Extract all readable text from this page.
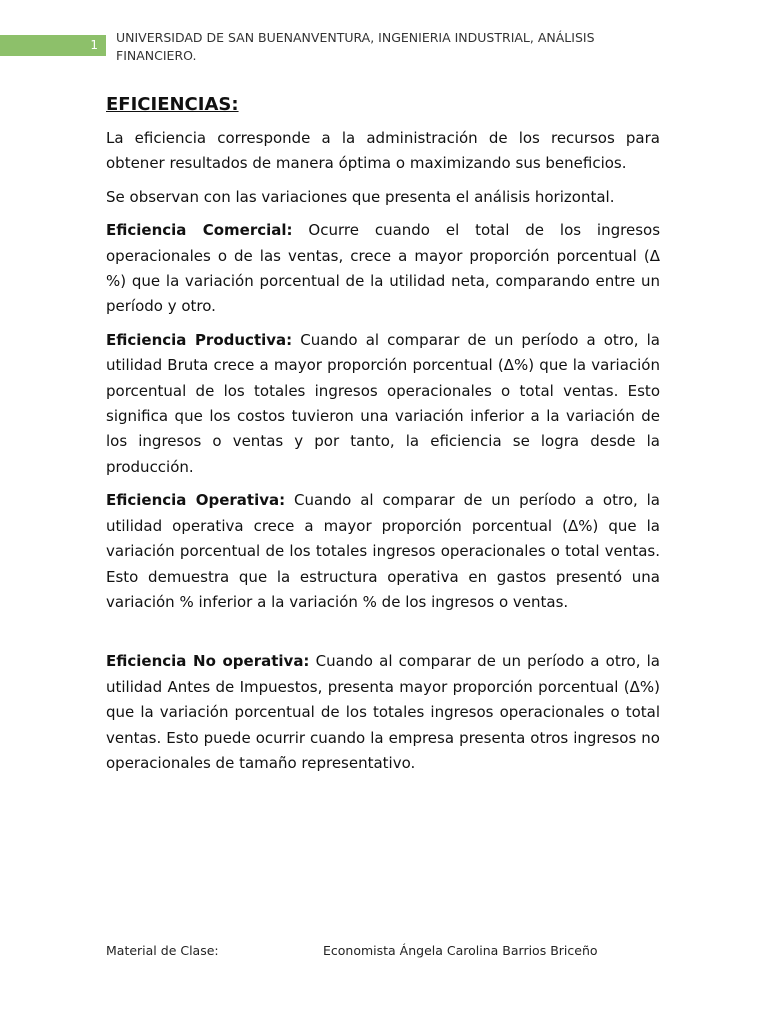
1	UNIVERSIDAD DE SAN BUENANVENTURA, INGENIERIA INDUSTRIAL, ANÁLISIS FINANCIERO.
EFICIENCIAS:

La eficiencia corresponde a la administración de los recursos para obtener resultados de manera óptima o maximizando sus beneficios.

Se observan con las variaciones que presenta el análisis horizontal.

Eficiencia Comercial: Ocurre cuando el total de los ingresos operacionales o de las ventas, crece a mayor proporción porcentual (Δ %) que la variación porcentual de la utilidad neta, comparando entre un período y otro.

Eficiencia Productiva: Cuando al comparar de un período a otro, la utilidad Bruta crece a mayor proporción porcentual (Δ%) que la variación porcentual de los totales ingresos operacionales o total ventas. Esto significa que los costos tuvieron una variación inferior a la variación de los ingresos o ventas y por tanto, la eficiencia se logra desde la producción.

Eficiencia Operativa: Cuando al comparar de un período a otro, la utilidad operativa crece a mayor proporción porcentual (Δ%) que la variación porcentual de los totales ingresos operacionales o total ventas. Esto demuestra que la estructura operativa en gastos presentó una variación % inferior a la variación % de los ingresos o ventas.

Eficiencia No operativa: Cuando al comparar de un período a otro, la utilidad Antes de Impuestos, presenta mayor proporción porcentual (Δ%) que la variación porcentual de los totales ingresos operacionales o total ventas. Esto puede ocurrir cuando la empresa presenta otros ingresos no operacionales de tamaño representativo.

Material de Clase:	Economista Ángela Carolina Barrios Briceño
